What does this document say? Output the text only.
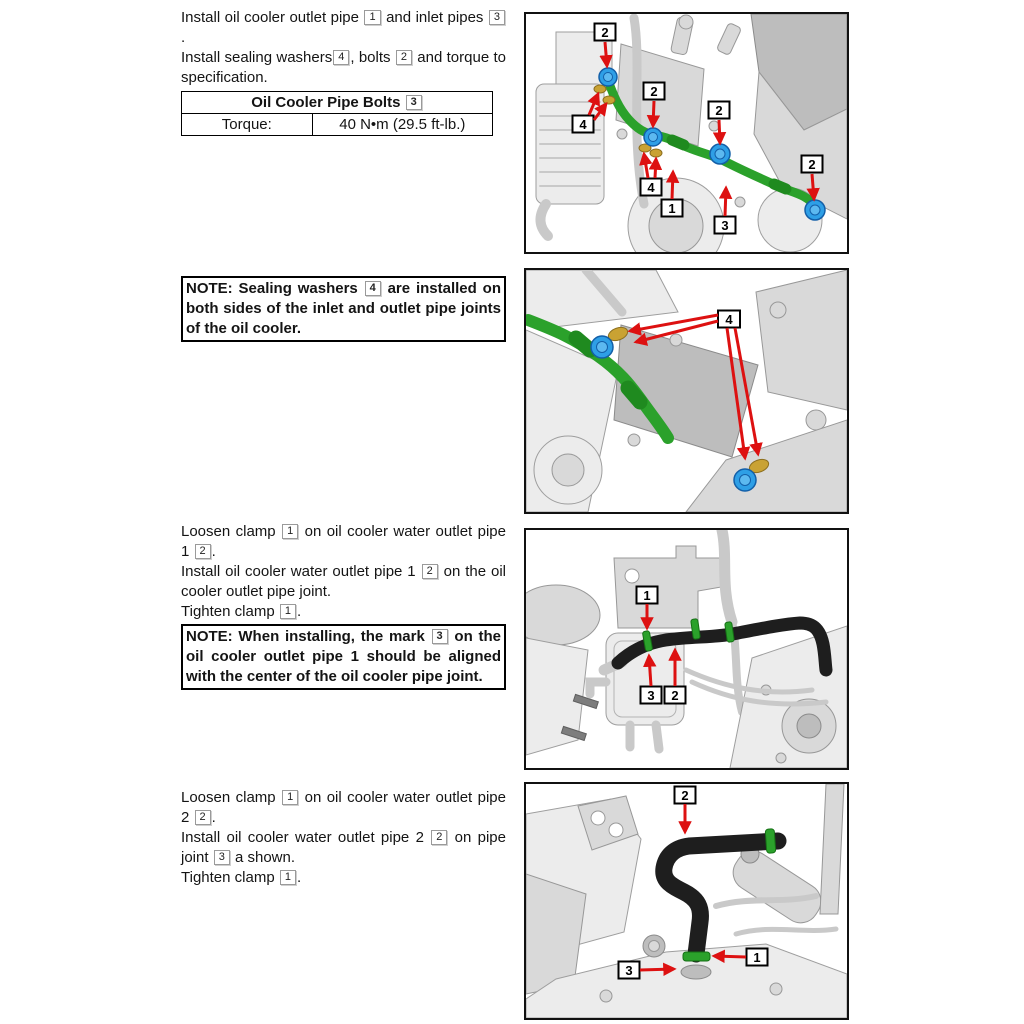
Install oil cooler outlet pipe 1 and inlet pipes 3.

Install sealing washers 4 , bolts 2 and torque to specification.

Oil Cooler Pipe Bolts 3
Torque:	40 N•m (29.5 ft-lb.)
2
4
2
4
1
2
3
2
NOTE: Sealing washers 4 are installed on both sides of the inlet and outlet pipe joints of the oil cooler.
4

Loosen clamp 1 on oil cooler water outlet pipe 1 2 .

Install oil cooler water outlet pipe 1 2 on the oil cooler outlet pipe joint.

Tighten clamp 1 .

NOTE: When installing, the mark 3 on the oil cooler outlet pipe 1 should be aligned with the center of the oil cooler pipe joint.
1
3 2

Loosen clamp 1 on oil cooler water outlet pipe 2 2 .

Install oil cooler water outlet pipe 2 2 on pipe joint 3 a shown.

Tighten clamp 1 .

2
1
3
